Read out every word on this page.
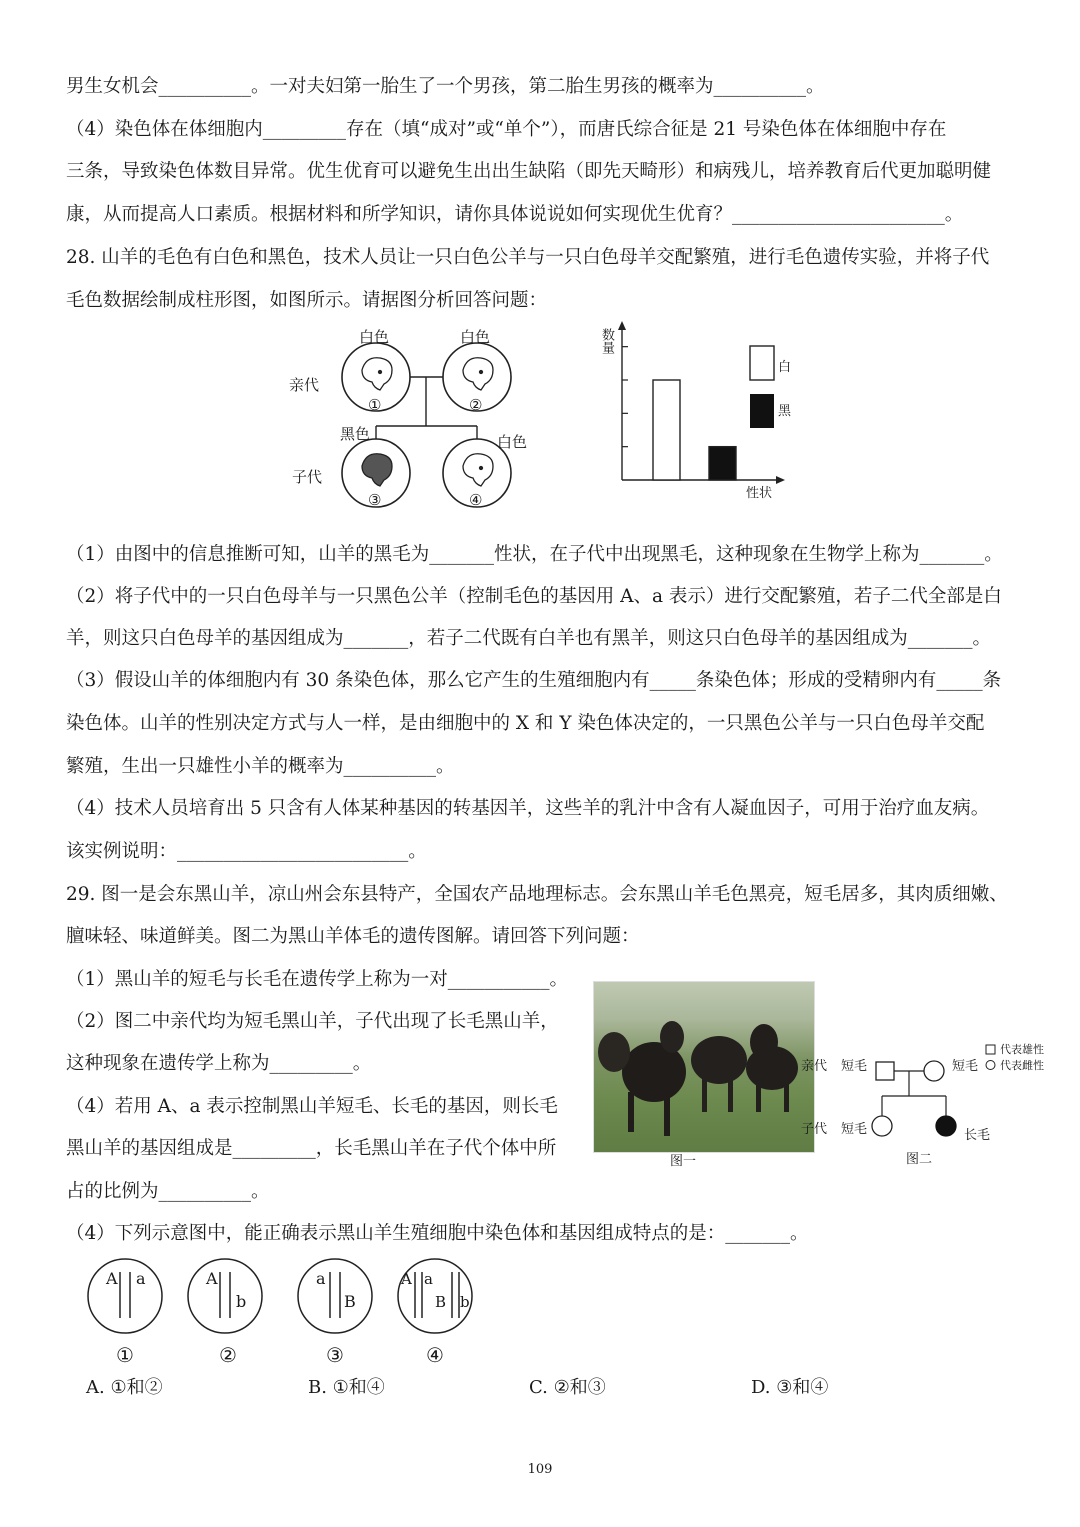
男生女机会__________。一对夫妇第一胎生了一个男孩，第二胎生男孩的概率为__________。
（4）染色体在体细胞内_________存在（填“成对”或“单个”），而唐氏综合征是 21 号染色体在体细胞中存在
三条，导致染色体数目异常。优生优育可以避免生出出生缺陷（即先天畸形）和病残儿，培养教育后代更加聪明健
康，从而提高人口素质。根据材料和所学知识，请你具体说说如何实现优生优育？_______________________。
28. 山羊的毛色有白色和黑色，技术人员让一只白色公羊与一只白色母羊交配繁殖，进行毛色遗传实验，并将子代
毛色数据绘制成柱形图，如图所示。请据图分析回答问题：
白色	白色
亲代
黑色	白色
子代
①	②
③	④
数量
性状
白
黑
（1）由图中的信息推断可知，山羊的黑毛为_______性状，在子代中出现黑毛，这种现象在生物学上称为_______。
（2）将子代中的一只白色母羊与一只黑色公羊（控制毛色的基因用 A、a 表示）进行交配繁殖，若子二代全部是白
羊，则这只白色母羊的基因组成为_______，若子二代既有白羊也有黑羊，则这只白色母羊的基因组成为_______。
（3）假设山羊的体细胞内有 30 条染色体，那么它产生的生殖细胞内有_____条染色体；形成的受精卵内有_____条
染色体。山羊的性别决定方式与人一样，是由细胞中的 X 和 Y 染色体决定的，一只黑色公羊与一只白色母羊交配
繁殖，生出一只雄性小羊的概率为__________。
（4）技术人员培育出 5 只含有人体某种基因的转基因羊，这些羊的乳汁中含有人凝血因子，可用于治疗血友病。
该实例说明：_________________________。
29. 图一是会东黑山羊，凉山州会东县特产，全国农产品地理标志。会东黑山羊毛色黑亮，短毛居多，其肉质细嫩、
膻味轻、味道鲜美。图二为黑山羊体毛的遗传图解。请回答下列问题：
（1）黑山羊的短毛与长毛在遗传学上称为一对___________。
（2）图二中亲代均为短毛黑山羊，子代出现了长毛黑山羊，
这种现象在遗传学上称为_________。
（4）若用 A、a 表示控制黑山羊短毛、长毛的基因，则长毛
黑山羊的基因组成是_________，长毛黑山羊在子代个体中所
占的比例为__________。
图一
代表雄性
代表雌性
亲代 短毛	短毛
子代 短毛	长毛
图二
（4）下列示意图中，能正确表示黑山羊生殖细胞中染色体和基因组成特点的是：_______。
A a	A
b
a
B
A a
B b
①	②	③	④
A. ①和②	B. ①和④	C. ②和③	D. ③和④
109
